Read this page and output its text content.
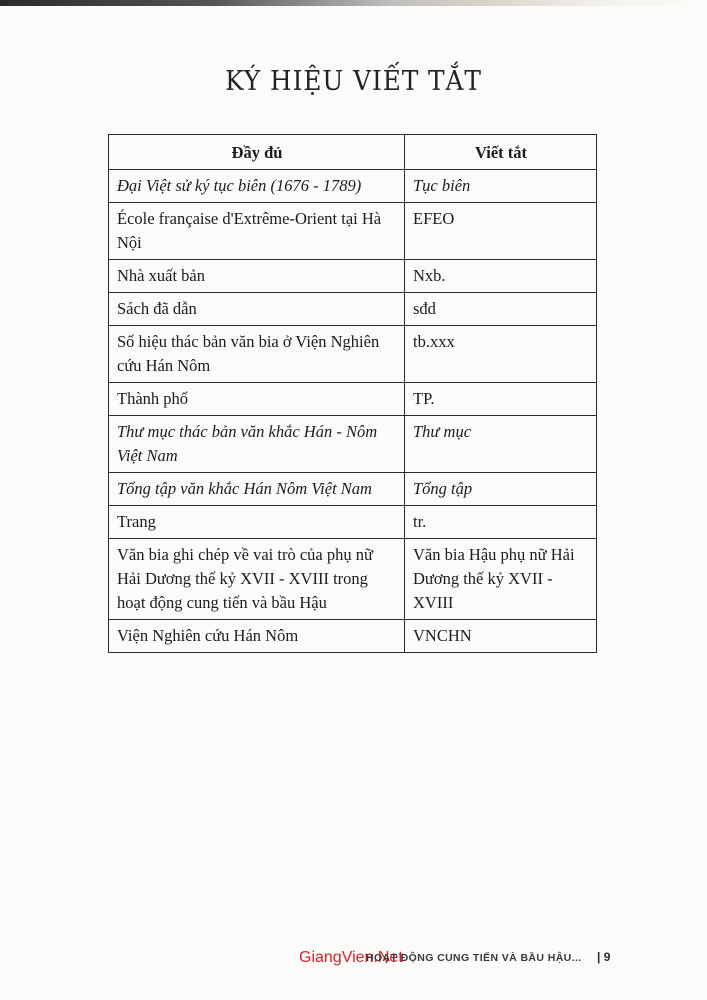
KÝ HIỆU VIẾT TẮT
Đầy đủ	Viết tắt
Đại Việt sử ký tục biên (1676 - 1789)	Tục biên
École française d'Extrême-Orient tại Hà Nội	EFEO
Nhà xuất bản	Nxb.
Sách đã dẫn	sđd
Số hiệu thác bản văn bia ở Viện Nghiên cứu Hán Nôm	tb.xxx
Thành phố	TP.
Thư mục thác bản văn khắc Hán - Nôm Việt Nam	Thư mục
Tổng tập văn khắc Hán Nôm Việt Nam	Tổng tập
Trang	tr.
Văn bia ghi chép về vai trò của phụ nữ Hải Dương thế kỷ XVII - XVIII trong hoạt động cung tiến và bầu Hậu	Văn bia Hậu phụ nữ Hải Dương thế kỷ XVII - XVIII
Viện Nghiên cứu Hán Nôm	VNCHN
GiangVien.Net
HOẠT ĐỘNG CUNG TIẾN VÀ BẦU HẬU... | 9
